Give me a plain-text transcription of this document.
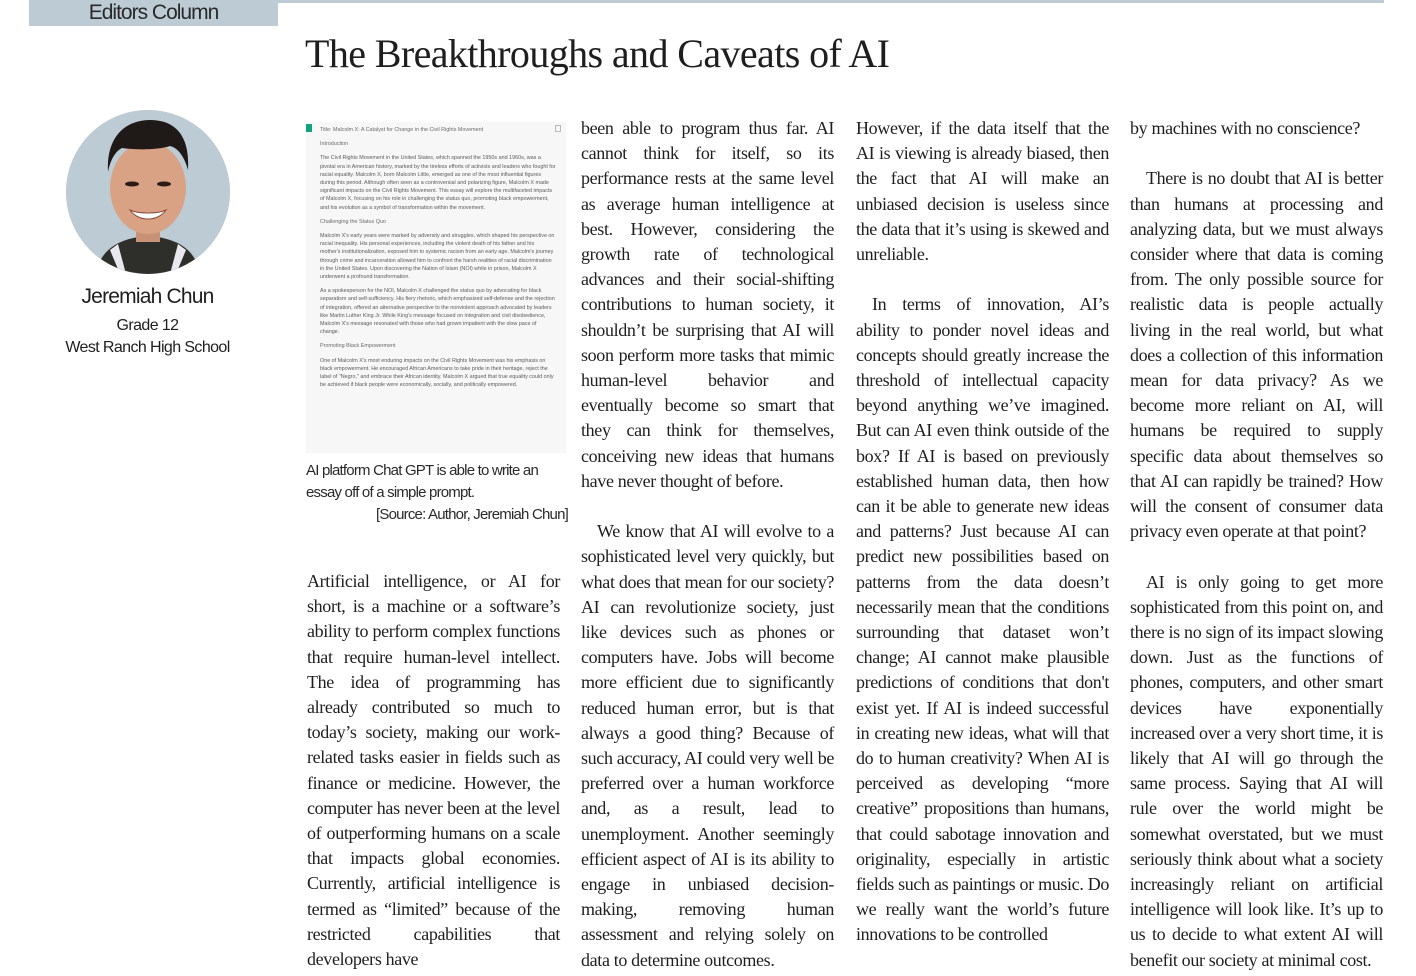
Editors Column
The Breakthroughs and Caveats of AI
Jeremiah Chun
Grade 12
West Ranch High School

Title: Malcolm X: A Catalyst for Change in the Civil Rights Movement

Introduction

The Civil Rights Movement in the United States, which spanned the 1950s and 1960s, was a pivotal era in American history, marked by the tireless efforts of activists and leaders who fought for racial equality. Malcolm X, born Malcolm Little, emerged as one of the most influential figures during this period. Although often seen as a controversial and polarizing figure, Malcolm X made significant impacts on the Civil Rights Movement. This essay will explore the multifaceted impacts of Malcolm X, focusing on his role in challenging the status quo, promoting black empowerment, and his evolution as a symbol of transformation within the movement.

Challenging the Status Quo

Malcolm X's early years were marked by adversity and struggles, which shaped his perspective on racial inequality. His personal experiences, including the violent death of his father and his mother's institutionalization, exposed him to systemic racism from an early age. Malcolm's journey through crime and incarceration allowed him to confront the harsh realities of racial discrimination in the United States. Upon discovering the Nation of Islam (NOI) while in prison, Malcolm X underwent a profound transformation.

As a spokesperson for the NOI, Malcolm X challenged the status quo by advocating for black separatism and self-sufficiency. His fiery rhetoric, which emphasized self-defense and the rejection of integration, offered an alternative perspective to the nonviolent approach advocated by leaders like Martin Luther King Jr. While King's message focused on integration and civil disobedience, Malcolm X's message resonated with those who had grown impatient with the slow pace of change.

Promoting Black Empowerment

One of Malcolm X's most enduring impacts on the Civil Rights Movement was his emphasis on black empowerment. He encouraged African Americans to take pride in their heritage, reject the label of "Negro," and embrace their African identity. Malcolm X argued that true equality could only be achieved if black people were economically, socially, and politically empowered.

AI platform Chat GPT is able to write an essay off of a simple prompt.
[Source: Author, Jeremiah Chun]

Artificial intelligence, or AI for short, is a machine or a software’s ability to perform complex functions that require human-level intellect. The idea of programming has already contributed so much to today’s society, making our work-related tasks easier in fields such as finance or medicine. However, the computer has never been at the level of outperforming humans on a scale that impacts global economies. Currently, artificial intelligence is termed as “limited” because of the restricted capabilities that developers have

been able to program thus far. AI cannot think for itself, so its performance rests at the same level as average human intelligence at best. However, considering the growth rate of technological advances and their social-shifting contributions to human society, it shouldn’t be surprising that AI will soon perform more tasks that mimic human-level behavior and eventually become so smart that they can think for themselves, conceiving new ideas that humans have never thought of before.

We know that AI will evolve to a sophisticated level very quickly, but what does that mean for our society? AI can revolutionize society, just like devices such as phones or computers have. Jobs will become more efficient due to significantly reduced human error, but is that always a good thing? Because of such accuracy, AI could very well be preferred over a human workforce and, as a result, lead to unemployment. Another seemingly efficient aspect of AI is its ability to engage in unbiased decision-making, removing human assessment and relying solely on data to determine outcomes.

However, if the data itself that the AI is viewing is already biased, then the fact that AI will make an unbiased decision is useless since the data that it’s using is skewed and unreliable.

In terms of innovation, AI’s ability to ponder novel ideas and concepts should greatly increase the threshold of intellectual capacity beyond anything we’ve imagined. But can AI even think outside of the box? If AI is based on previously established human data, then how can it be able to generate new ideas and patterns? Just because AI can predict new possibilities based on patterns from the data doesn’t necessarily mean that the conditions surrounding that dataset won’t change; AI cannot make plausible predictions of conditions that don't exist yet. If AI is indeed successful in creating new ideas, what will that do to human creativity? When AI is perceived as developing “more creative” propositions than humans, that could sabotage innovation and originality, especially in artistic fields such as paintings or music. Do we really want the world’s future innovations to be controlled

by machines with no conscience?

There is no doubt that AI is better than humans at processing and analyzing data, but we must always consider where that data is coming from. The only possible source for realistic data is people actually living in the real world, but what does a collection of this information mean for data privacy? As we become more reliant on AI, will humans be required to supply specific data about themselves so that AI can rapidly be trained? How will the consent of consumer data privacy even operate at that point?

AI is only going to get more sophisticated from this point on, and there is no sign of its impact slowing down. Just as the functions of phones, computers, and other smart devices have exponentially increased over a very short time, it is likely that AI will go through the same process. Saying that AI will rule over the world might be somewhat overstated, but we must seriously think about what a society increasingly reliant on artificial intelligence will look like. It’s up to us to decide to what extent AI will benefit our society at minimal cost.
